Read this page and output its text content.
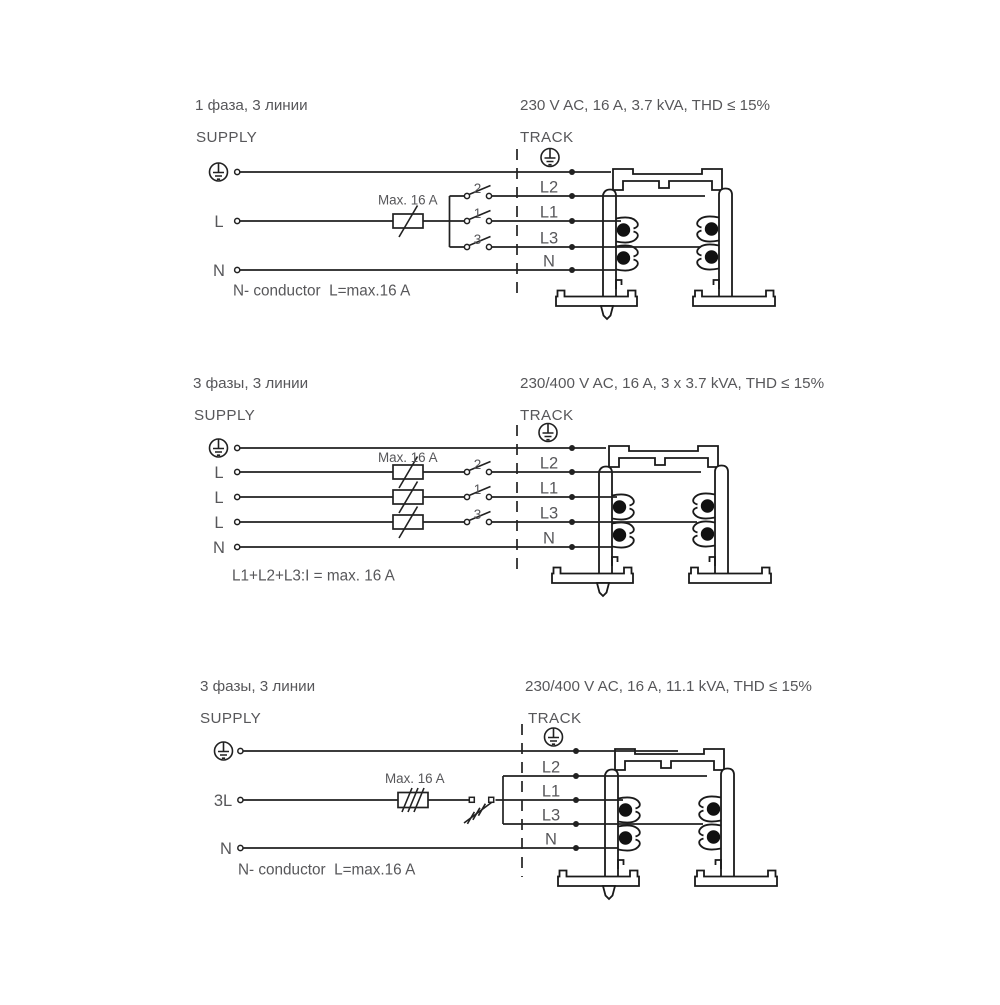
1 фаза, 3 линии	230 V AC, 16 A, 3.7 kVA, THD ≤ 15%
SUPPLY	TRACK
Max. 16 A
2
1
3
L
N
L2
L1
L3
N
N- conductor  L=max.16 A
3 фазы, 3 линии	230/400 V AC, 16 A, 3 x 3.7 kVA, THD ≤ 15%
SUPPLY	TRACK
Max. 16 A	2
1
3
L
L
L
N
L2
L1
L3
N
L1+L2+L3:I = max. 16 A
3 фазы, 3 линии	230/400 V AC, 16 A, 11.1 kVA, THD ≤ 15%
SUPPLY	TRACK
Max. 16 A
3L
N
L2
L1
L3
N
N- conductor  L=max.16 A
